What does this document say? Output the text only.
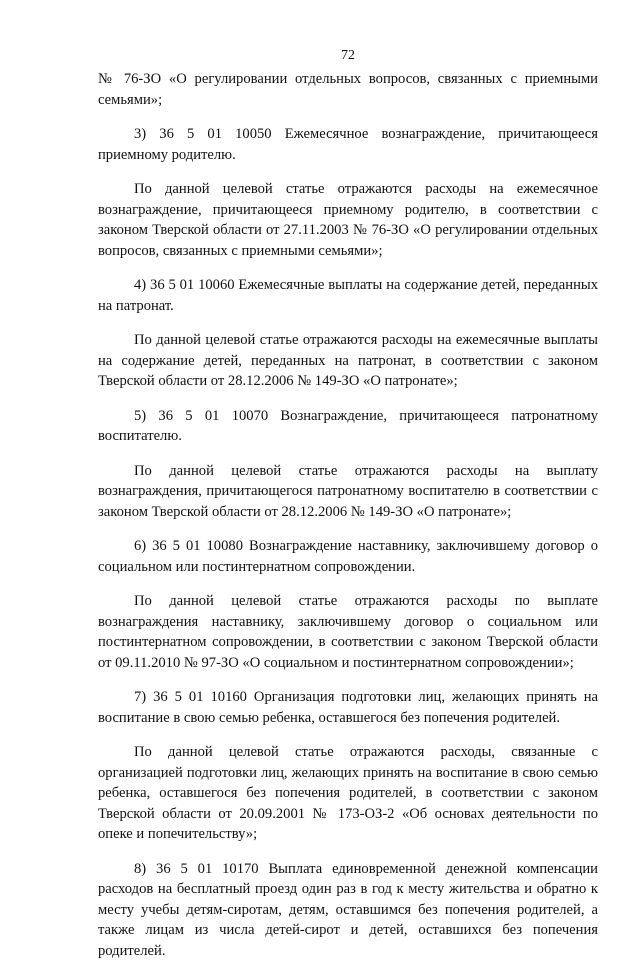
72

№ 76-ЗО «О регулировании отдельных вопросов, связанных с приемными семьями»;

3) 36 5 01 10050 Ежемесячное вознаграждение, причитающееся приемному родителю.

По данной целевой статье отражаются расходы на ежемесячное вознаграждение, причитающееся приемному родителю, в соответствии с законом Тверской области от 27.11.2003 № 76-ЗО «О регулировании отдельных вопросов, связанных с приемными семьями»;

4) 36 5 01 10060 Ежемесячные выплаты на содержание детей, переданных на патронат.

По данной целевой статье отражаются расходы на ежемесячные выплаты на содержание детей, переданных на патронат, в соответствии с законом Тверской области от 28.12.2006 № 149-ЗО «О патронате»;

5) 36 5 01 10070 Вознаграждение, причитающееся патронатному воспитателю.

По данной целевой статье отражаются расходы на выплату вознаграждения, причитающегося патронатному воспитателю в соответствии с законом Тверской области от 28.12.2006 № 149-ЗО «О патронате»;

6) 36 5 01 10080 Вознаграждение наставнику, заключившему договор о социальном или постинтернатном сопровождении.

По данной целевой статье отражаются расходы по выплате вознаграждения наставнику, заключившему договор о социальном или постинтернатном сопровождении, в соответствии с законом Тверской области от 09.11.2010 № 97-ЗО «О социальном и постинтернатном сопровождении»;

7) 36 5 01 10160 Организация подготовки лиц, желающих принять на воспитание в свою семью ребенка, оставшегося без попечения родителей.

По данной целевой статье отражаются расходы, связанные с организацией подготовки лиц, желающих принять на воспитание в свою семью ребенка, оставшегося без попечения родителей, в соответствии с законом Тверской области от 20.09.2001 № 173-ОЗ-2 «Об основах деятельности по опеке и попечительству»;

8) 36 5 01 10170 Выплата единовременной денежной компенсации расходов на бесплатный проезд один раз в год к месту жительства и обратно к месту учебы детям-сиротам, детям, оставшимся без попечения родителей, а также лицам из числа детей-сирот и детей, оставшихся без попечения родителей.
